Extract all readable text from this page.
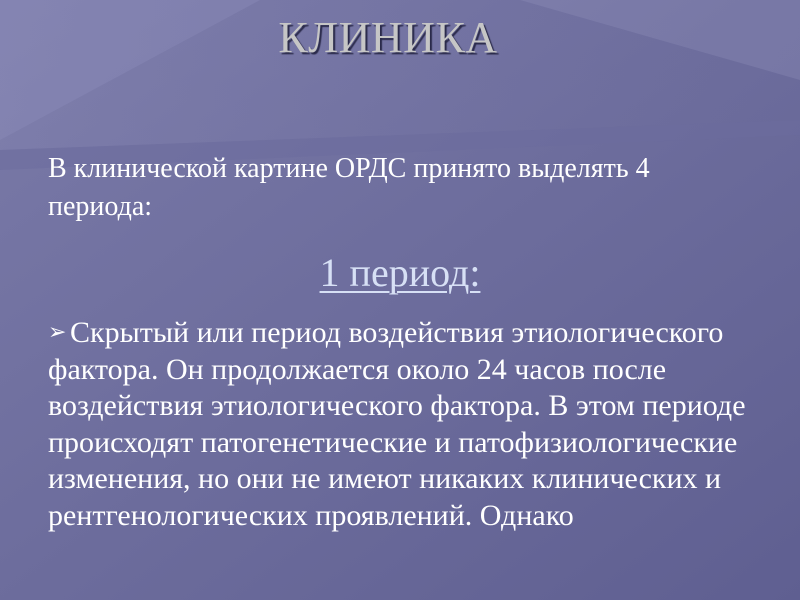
КЛИНИКА
В клинической картине ОРДС принято выделять 4 периода:
1 период:
➢ Скрытый или период воздействия этиологического фактора. Он продолжается около 24 часов после воздействия этиологического фактора. В этом периоде происходят патогенетические и патофизиологические изменения, но они не имеют никаких клинических и рентгенологических проявлений. Однако
